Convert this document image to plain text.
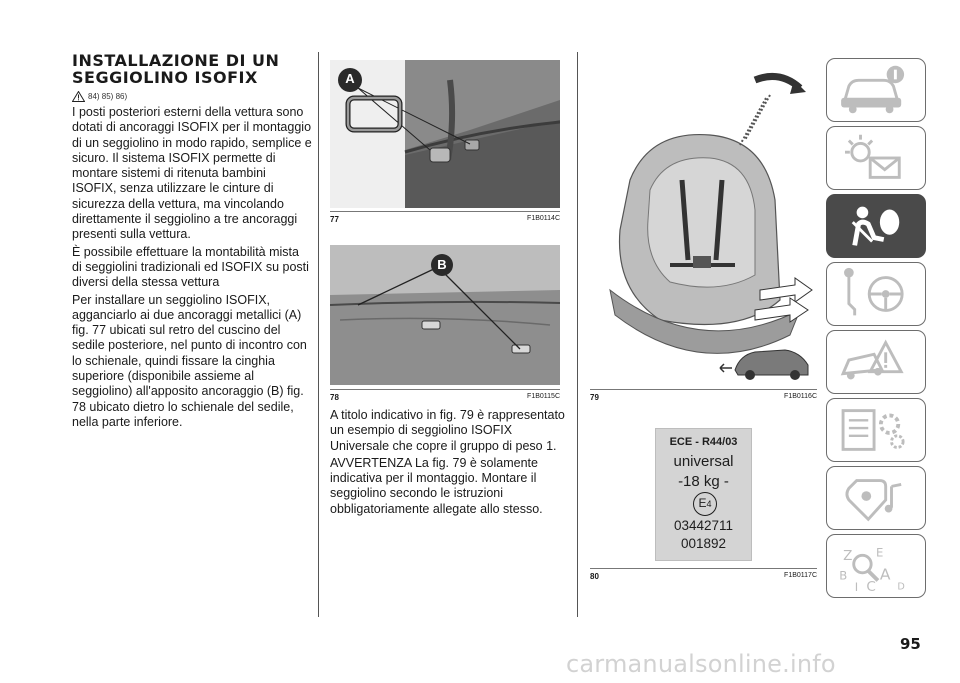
INSTALLAZIONE DI UN
SEGGIOLINO ISOFIX
84) 85) 86)

I posti posteriori esterni della vettura sono dotati di ancoraggi ISOFIX per il montaggio di un seggiolino in modo rapido, semplice e sicuro. Il sistema ISOFIX permette di montare sistemi di ritenuta bambini ISOFIX, senza utilizzare le cinture di sicurezza della vettura, ma vincolando direttamente il seggiolino a tre ancoraggi presenti sulla vettura.

È possibile effettuare la montabilità mista di seggiolini tradizionali ed ISOFIX su posti diversi della stessa vettura

Per installare un seggiolino ISOFIX, agganciarlo ai due ancoraggi metallici (A) fig. 77 ubicati sul retro del cuscino del sedile posteriore, nel punto di incontro con lo schienale, quindi fissare la cinghia superiore (disponibile assieme al seggiolino) all'apposito ancoraggio (B) fig. 78 ubicato dietro lo schienale del sedile, nella parte inferiore.

A
77	F1B0114C
B
78	F1B0115C

A titolo indicativo in fig. 79 è rappresentato un esempio di seggiolino ISOFIX Universale che copre il gruppo di peso 1.

AVVERTENZA La fig. 79 è solamente indicativa per il montaggio. Montare il seggiolino secondo le istruzioni obbligatoriamente allegate allo stesso.

79	F1B0116C
ECE - R44/03
universal
-18 kg -
E4
03442711
001892
80	F1B0117C
Z E
B A
I C D
95
carmanualsonline.info
